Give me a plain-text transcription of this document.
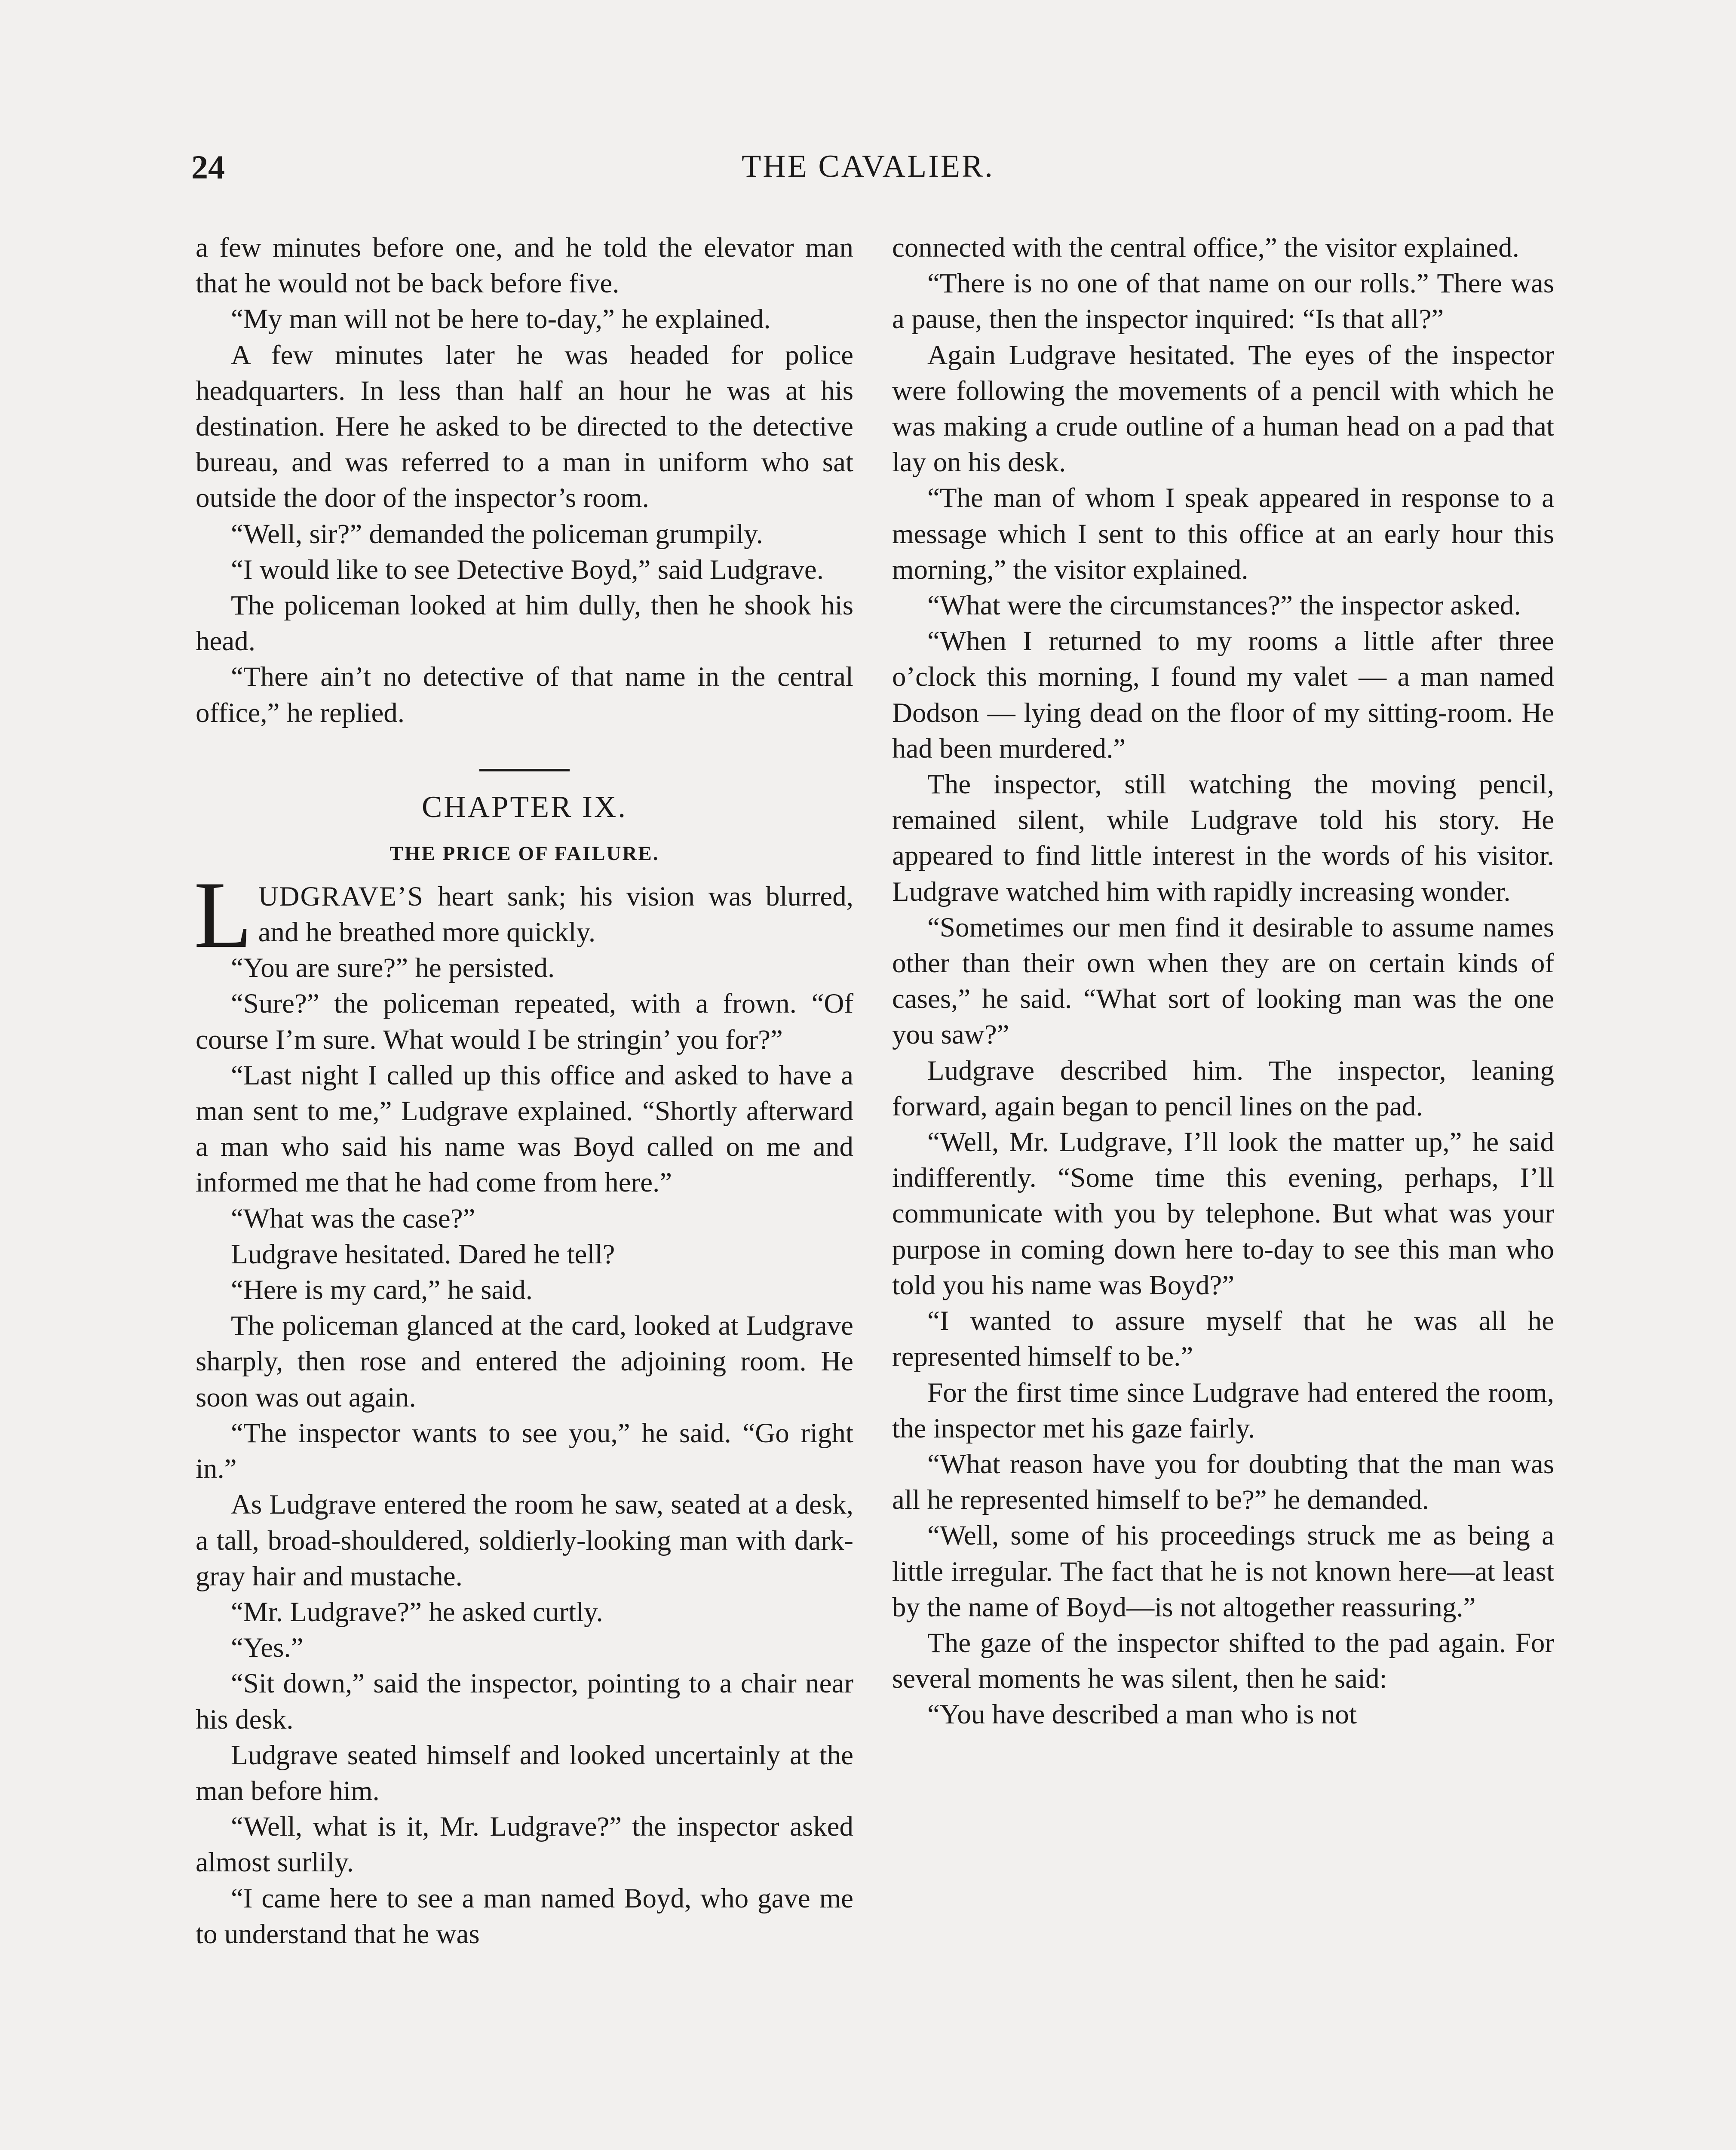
24	THE CAVALIER.

a few minutes before one, and he told the elevator man that he would not be back before five.

“My man will not be here to-day,” he explained.

A few minutes later he was headed for police headquarters. In less than half an hour he was at his destination. Here he asked to be directed to the detective bureau, and was referred to a man in uniform who sat outside the door of the inspector’s room.

“Well, sir?” demanded the policeman grumpily.

“I would like to see Detective Boyd,” said Ludgrave.

The policeman looked at him dully, then he shook his head.

“There ain’t no detective of that name in the central office,” he replied.

CHAPTER IX.
THE PRICE OF FAILURE.

LUDGRAVE’S heart sank; his vision was blurred, and he breathed more quickly.

“You are sure?” he persisted.

“Sure?” the policeman repeated, with a frown. “Of course I’m sure. What would I be stringin’ you for?”

“Last night I called up this office and asked to have a man sent to me,” Ludgrave explained. “Shortly afterward a man who said his name was Boyd called on me and informed me that he had come from here.”

“What was the case?”

Ludgrave hesitated. Dared he tell?

“Here is my card,” he said.

The policeman glanced at the card, looked at Ludgrave sharply, then rose and entered the adjoining room. He soon was out again.

“The inspector wants to see you,” he said. “Go right in.”

As Ludgrave entered the room he saw, seated at a desk, a tall, broad-shouldered, soldierly-looking man with dark-gray hair and mustache.

“Mr. Ludgrave?” he asked curtly.

“Yes.”

“Sit down,” said the inspector, pointing to a chair near his desk.

Ludgrave seated himself and looked uncertainly at the man before him.

“Well, what is it, Mr. Ludgrave?” the inspector asked almost surlily.

“I came here to see a man named Boyd, who gave me to understand that he was

connected with the central office,” the visitor explained.

“There is no one of that name on our rolls.” There was a pause, then the inspector inquired: “Is that all?”

Again Ludgrave hesitated. The eyes of the inspector were following the movements of a pencil with which he was making a crude outline of a human head on a pad that lay on his desk.

“The man of whom I speak appeared in response to a message which I sent to this office at an early hour this morning,” the visitor explained.

“What were the circumstances?” the inspector asked.

“When I returned to my rooms a little after three o’clock this morning, I found my valet — a man named Dodson — lying dead on the floor of my sitting-room. He had been murdered.”

The inspector, still watching the moving pencil, remained silent, while Ludgrave told his story. He appeared to find little interest in the words of his visitor. Ludgrave watched him with rapidly increasing wonder.

“Sometimes our men find it desirable to assume names other than their own when they are on certain kinds of cases,” he said. “What sort of looking man was the one you saw?”

Ludgrave described him. The inspector, leaning forward, again began to pencil lines on the pad.

“Well, Mr. Ludgrave, I’ll look the matter up,” he said indifferently. “Some time this evening, perhaps, I’ll communicate with you by telephone. But what was your purpose in coming down here to-day to see this man who told you his name was Boyd?”

“I wanted to assure myself that he was all he represented himself to be.”

For the first time since Ludgrave had entered the room, the inspector met his gaze fairly.

“What reason have you for doubting that the man was all he represented himself to be?” he demanded.

“Well, some of his proceedings struck me as being a little irregular. The fact that he is not known here—at least by the name of Boyd—is not altogether reassuring.”

The gaze of the inspector shifted to the pad again. For several moments he was silent, then he said:

“You have described a man who is not
